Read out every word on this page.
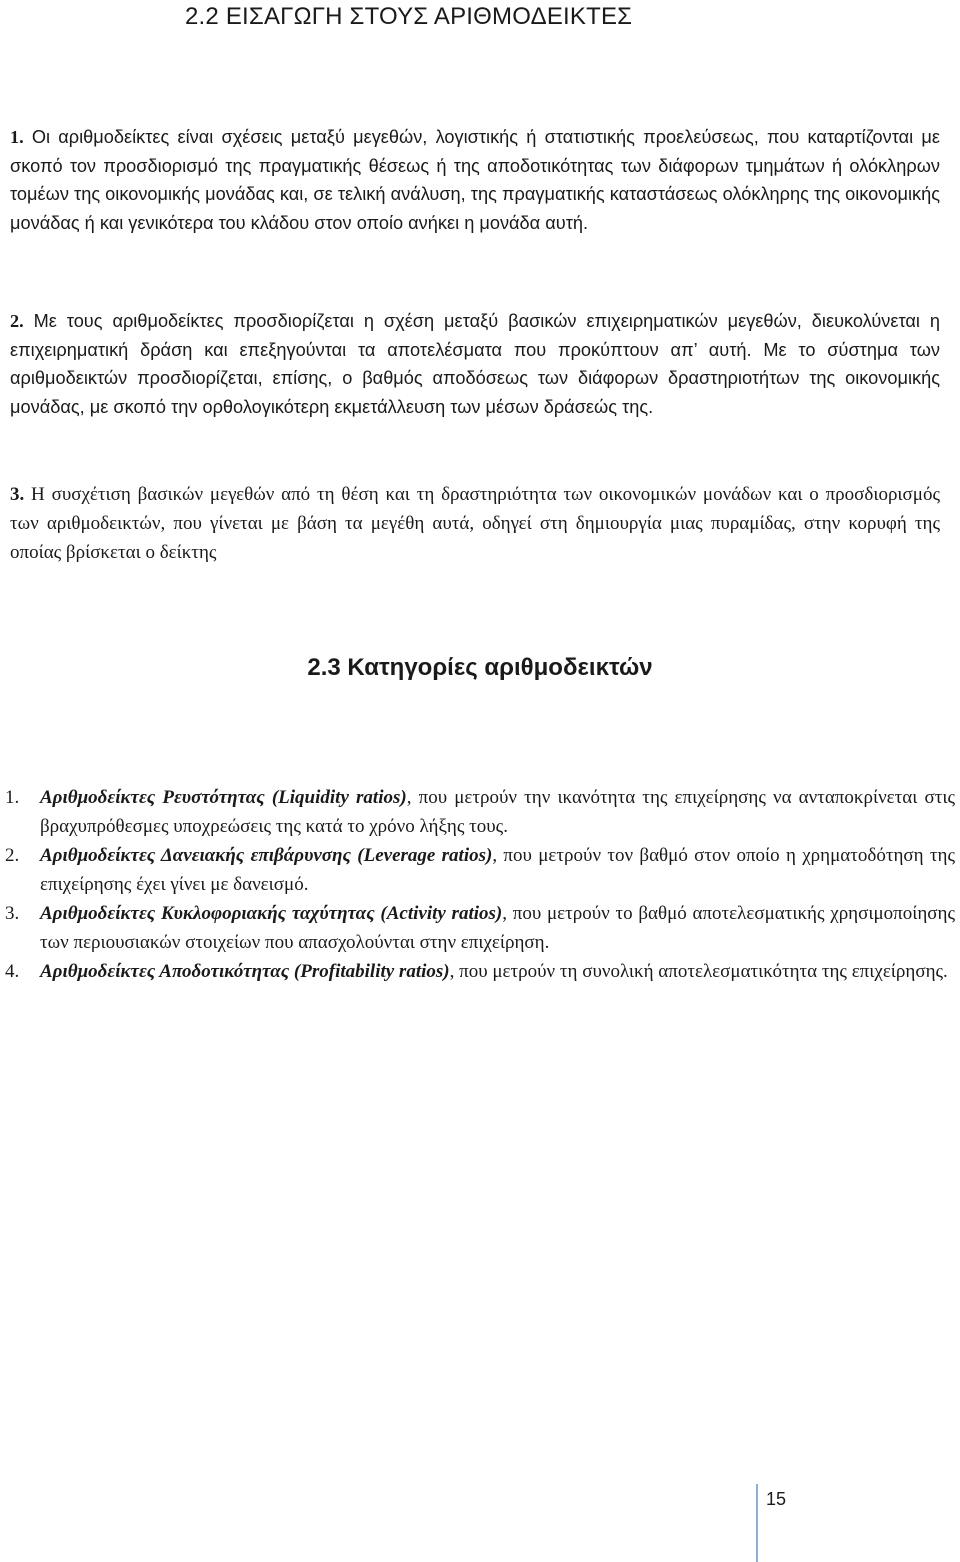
2.2 ΕΙΣΑΓΩΓΗ ΣΤΟΥΣ ΑΡΙΘΜΟΔΕΙΚΤΕΣ

1. Οι αριθμοδείκτες είναι σχέσεις μεταξύ μεγεθών, λογιστικής ή στατιστικής προελεύσεως, που καταρτίζονται με σκοπό τον προσδιορισμό της πραγματικής θέσεως ή της αποδοτικότητας των διάφορων τμημάτων ή ολόκληρων τομέων της οικονομικής μονάδας και, σε τελική ανάλυση, της πραγματικής καταστάσεως ολόκληρης της οικονομικής μονάδας ή και γενικότερα του κλάδου στον οποίο ανήκει η μονάδα αυτή.

2. Με τους αριθμοδείκτες προσδιορίζεται η σχέση μεταξύ βασικών επιχειρηματικών μεγεθών, διευκολύνεται η επιχειρηματική δράση και επεξηγούνται τα αποτελέσματα που προκύπτουν απ’ αυτή. Με το σύστημα των αριθμοδεικτών προσδιορίζεται, επίσης, ο βαθμός αποδόσεως των διάφορων δραστηριοτήτων της οικονομικής μονάδας, με σκοπό την ορθολογικότερη εκμετάλλευση των μέσων δράσεώς της.

3. Η συσχέτιση βασικών μεγεθών από τη θέση και τη δραστηριότητα των οικονομικών μονάδων και ο προσδιορισμός των αριθμοδεικτών, που γίνεται με βάση τα μεγέθη αυτά, οδηγεί στη δημιουργία μιας πυραμίδας, στην κορυφή της οποίας βρίσκεται ο δείκτης

2.3 Κατηγορίες αριθμοδεικτών
1. Αριθμοδείκτες Ρευστότητας (Liquidity ratios), που μετρούν την ικανότητα της επιχείρησης να ανταποκρίνεται στις βραχυπρόθεσμες υποχρεώσεις της κατά το χρόνο λήξης τους.
2. Αριθμοδείκτες Δανειακής επιβάρυνσης (Leverage ratios), που μετρούν τον βαθμό στον οποίο η χρηματοδότηση της επιχείρησης έχει γίνει με δανεισμό.
3. Αριθμοδείκτες Κυκλοφοριακής ταχύτητας (Activity ratios), που μετρούν το βαθμό αποτελεσματικής χρησιμοποίησης των περιουσιακών στοιχείων που απασχολούνται στην επιχείρηση.
4. Αριθμοδείκτες Αποδοτικότητας (Profitability ratios), που μετρούν τη συνολική αποτελεσματικότητα της επιχείρησης.
15
